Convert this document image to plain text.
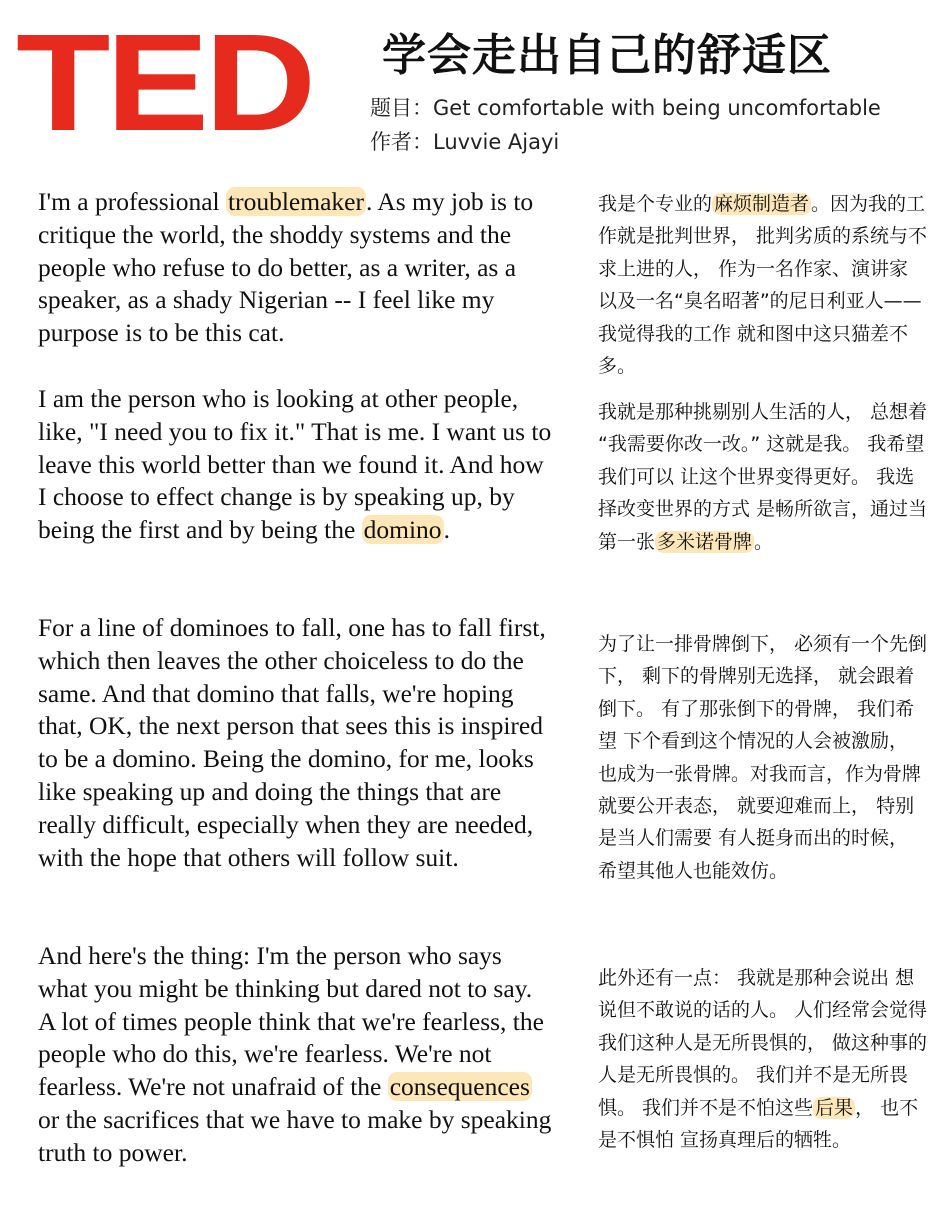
TED 学会走出自己的舒适区
题目：Get comfortable with being uncomfortable
作者：Luvvie Ajayi
I'm a professional troublemaker. As my job is to critique the world, the shoddy systems and the people who refuse to do better, as a writer, as a speaker, as a shady Nigerian -- I feel like my purpose is to be this cat.
I am the person who is looking at other people, like, "I need you to fix it." That is me. I want us to leave this world better than we found it. And how I choose to effect change is by speaking up, by being the first and by being the domino.
For a line of dominoes to fall, one has to fall first, which then leaves the other choiceless to do the same. And that domino that falls, we're hoping that, OK, the next person that sees this is inspired to be a domino. Being the domino, for me, looks like speaking up and doing the things that are really difficult, especially when they are needed, with the hope that others will follow suit.
And here's the thing: I'm the person who says what you might be thinking but dared not to say. A lot of times people think that we're fearless, the people who do this, we're fearless. We're not fearless. We're not unafraid of the consequences or the sacrifices that we have to make by speaking truth to power.
我是个专业的 麻烦制造者 。因为我的工作就是批判世界， 批判劣质的系统与不求上进的人， 作为一名作家、演讲家 以及一名“臭名昭著”的尼日利亚人——我觉得我的工作 就和图中这只猫差不多。
我就是那种挑剔别人生活的人， 总想着 “我需要你改一改。” 这就是我。 我希望我们可以 让这个世界变得更好。 我选择改变世界的方式 是畅所欲言，通过当第一张 多米诺骨牌 。
为了让一排骨牌倒下， 必须有一个先倒下， 剩下的骨牌别无选择， 就会跟着倒下。 有了那张倒下的骨牌， 我们希望 下个看到这个情况的人会被激励， 也成为一张骨牌。对我而言，作为骨牌就要公开表态， 就要迎难而上， 特别是当人们需要 有人挺身而出的时候， 希望其他人也能效仿。
此外还有一点： 我就是那种会说出 想说但不敢说的话的人。 人们经常会觉得 我们这种人是无所畏惧的， 做这种事的人是无所畏惧的。 我们并不是无所畏惧。 我们并不是不怕这些 后果 ， 也不是不惧怕 宣扬真理后的牺牲。
